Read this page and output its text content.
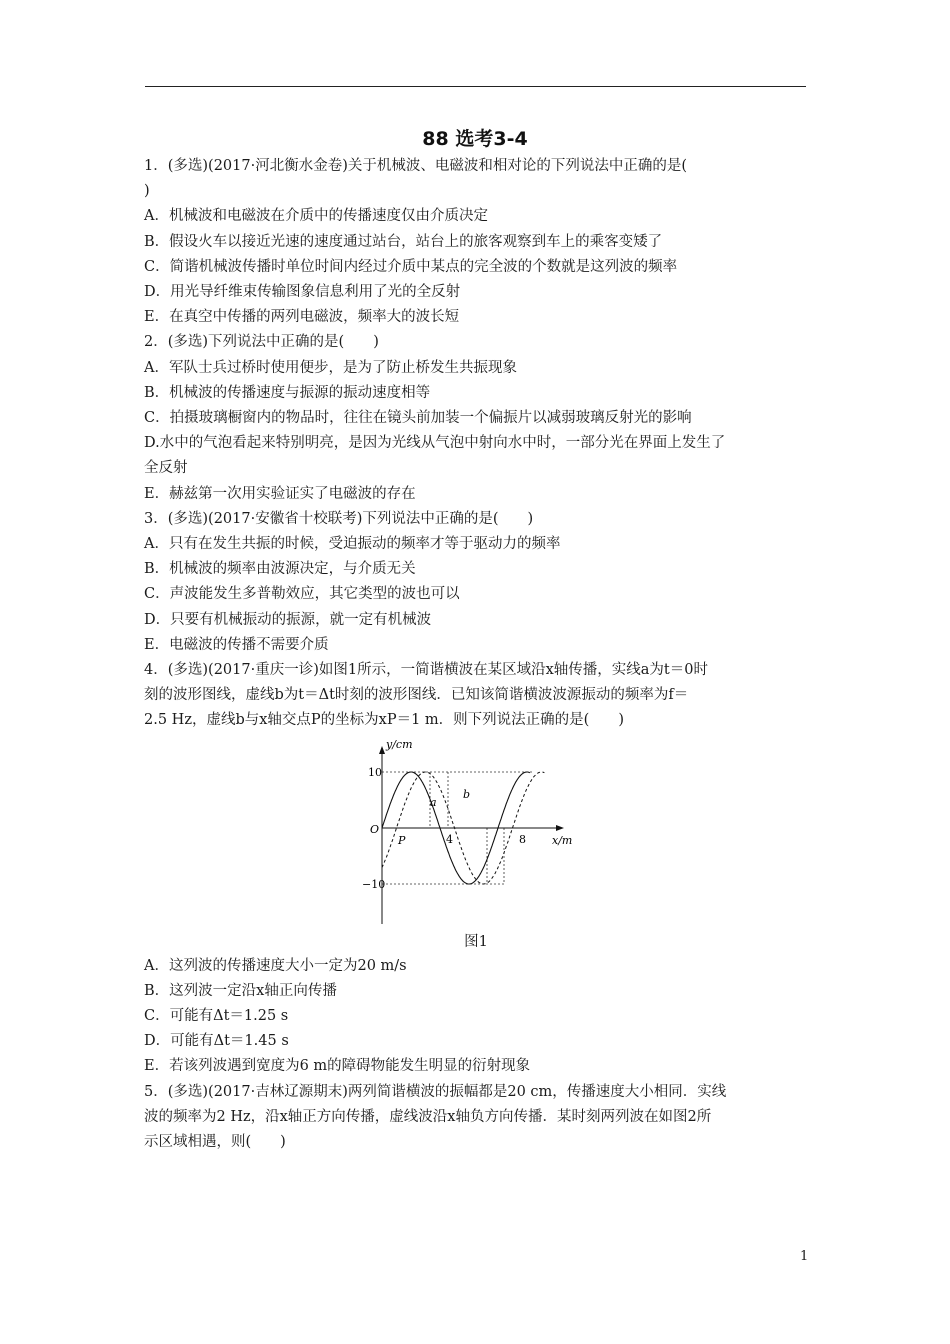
88 选考3-4
1．(多选)(2017·河北衡水金卷)关于机械波、电磁波和相对论的下列说法中正确的是(
)
A．机械波和电磁波在介质中的传播速度仅由介质决定
B．假设火车以接近光速的速度通过站台，站台上的旅客观察到车上的乘客变矮了
C．简谐机械波传播时单位时间内经过介质中某点的完全波的个数就是这列波的频率
D．用光导纤维束传输图象信息利用了光的全反射
E．在真空中传播的两列电磁波，频率大的波长短
2．(多选)下列说法中正确的是(　　)
A．军队士兵过桥时使用便步，是为了防止桥发生共振现象
B．机械波的传播速度与振源的振动速度相等
C．拍摄玻璃橱窗内的物品时，往往在镜头前加装一个偏振片以减弱玻璃反射光的影响
D.水中的气泡看起来特别明亮，是因为光线从气泡中射向水中时，一部分光在界面上发生了
全反射
E．赫兹第一次用实验证实了电磁波的存在
3．(多选)(2017·安徽省十校联考)下列说法中正确的是(　　)
A．只有在发生共振的时候，受迫振动的频率才等于驱动力的频率
B．机械波的频率由波源决定，与介质无关
C．声波能发生多普勒效应，其它类型的波也可以
D．只要有机械振动的振源，就一定有机械波
E．电磁波的传播不需要介质
4．(多选)(2017·重庆一诊)如图1所示，一简谐横波在某区域沿x轴传播，实线a为t＝0时
刻的波形图线，虚线b为t＝Δt时刻的波形图线．已知该简谐横波波源振动的频率为f＝
2.5 Hz，虚线b与x轴交点P的坐标为xP＝1 m．则下列说法正确的是(　　)
y/cm
x/m
10
−10
O
4	8
P
a
b
图1
A．这列波的传播速度大小一定为20 m/s
B．这列波一定沿x轴正向传播
C．可能有Δt＝1.25 s
D．可能有Δt＝1.45 s
E．若该列波遇到宽度为6 m的障碍物能发生明显的衍射现象
5．(多选)(2017·吉林辽源期末)两列简谐横波的振幅都是20 cm，传播速度大小相同．实线
波的频率为2 Hz，沿x轴正方向传播，虚线波沿x轴负方向传播．某时刻两列波在如图2所
示区域相遇，则(　　)
1
